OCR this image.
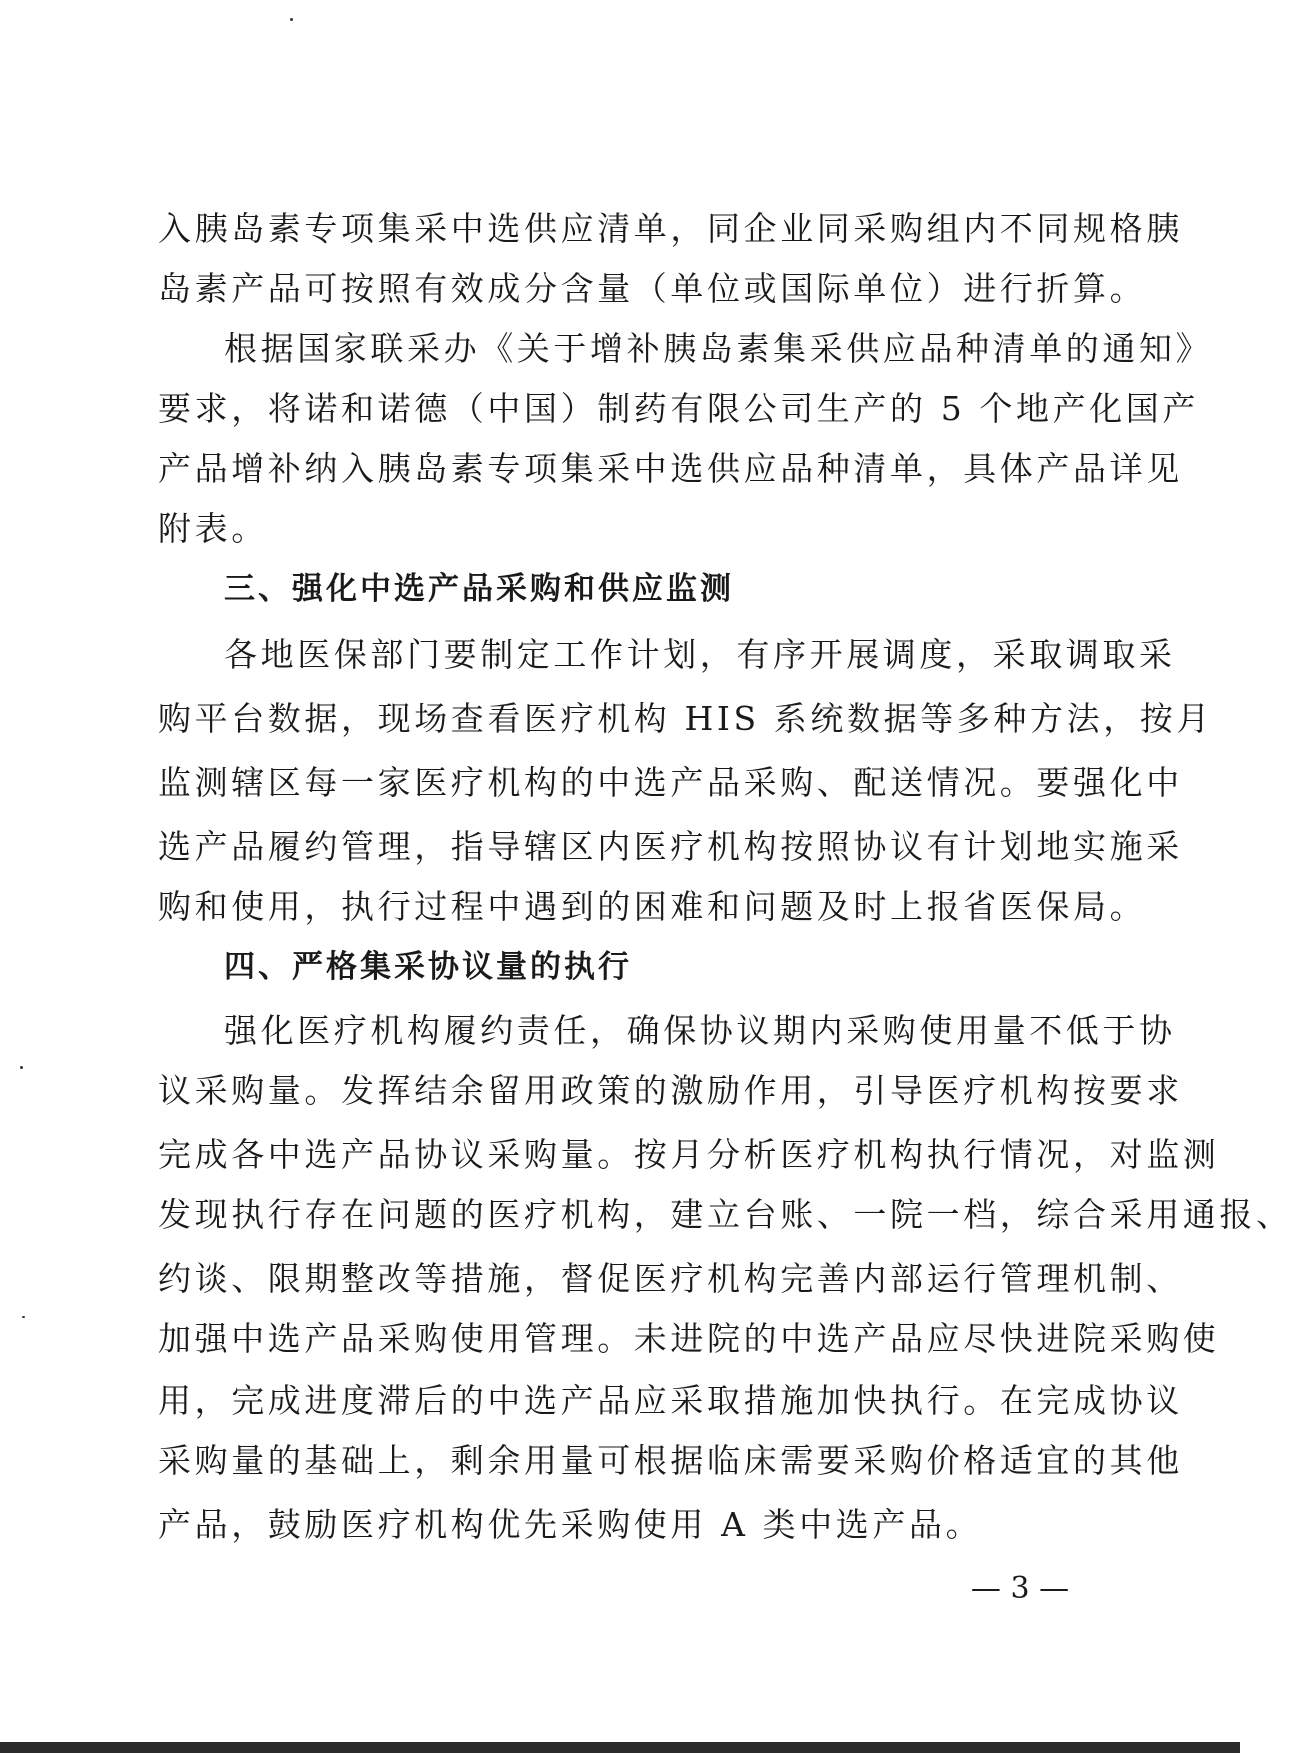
入胰岛素专项集采中选供应清单，同企业同采购组内不同规格胰
岛素产品可按照有效成分含量（单位或国际单位）进行折算。
根据国家联采办《关于增补胰岛素集采供应品种清单的通知》
要求，将诺和诺德（中国）制药有限公司生产的 5 个地产化国产
产品增补纳入胰岛素专项集采中选供应品种清单，具体产品详见
附表。
三、强化中选产品采购和供应监测
各地医保部门要制定工作计划，有序开展调度，采取调取采
购平台数据，现场查看医疗机构 HIS 系统数据等多种方法，按月
监测辖区每一家医疗机构的中选产品采购、配送情况。要强化中
选产品履约管理，指导辖区内医疗机构按照协议有计划地实施采
购和使用，执行过程中遇到的困难和问题及时上报省医保局。
四、严格集采协议量的执行
强化医疗机构履约责任，确保协议期内采购使用量不低于协
议采购量。发挥结余留用政策的激励作用，引导医疗机构按要求
完成各中选产品协议采购量。按月分析医疗机构执行情况，对监测
发现执行存在问题的医疗机构，建立台账、一院一档，综合采用通报、
约谈、限期整改等措施，督促医疗机构完善内部运行管理机制、
加强中选产品采购使用管理。未进院的中选产品应尽快进院采购使
用，完成进度滞后的中选产品应采取措施加快执行。在完成协议
采购量的基础上，剩余用量可根据临床需要采购价格适宜的其他
产品，鼓励医疗机构优先采购使用 A 类中选产品。
— 3 —
